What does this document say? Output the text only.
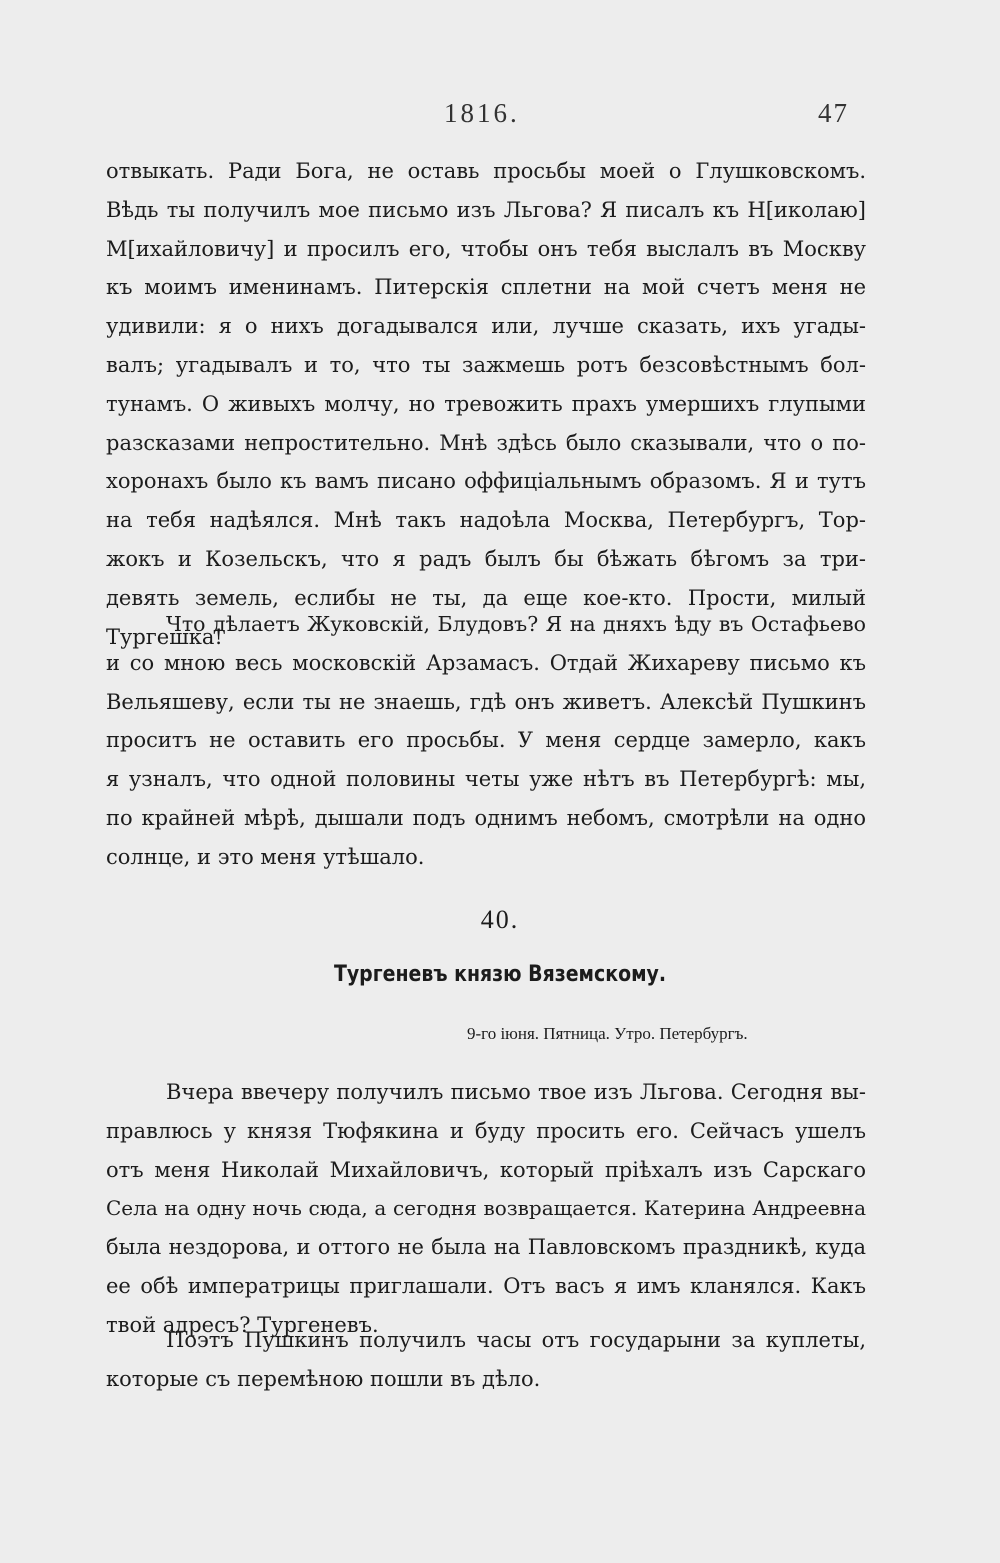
1816.	47
отвыкать. Ради Бога, не оставь просьбы моей о Глушковскомъ.
Вѣдь ты получилъ мое письмо изъ Льгова? Я писалъ къ Н[иколаю]
М[ихайловичу] и просилъ его, чтобы онъ тебя выслалъ въ Москву
къ моимъ именинамъ. Питерскія сплетни на мой счетъ меня не
удивили: я о нихъ догадывался или, лучше сказать, ихъ угады-
валъ; угадывалъ и то, что ты зажмешь ротъ безсовѣстнымъ бол-
тунамъ. О живыхъ молчу, но тревожить прахъ умершихъ глупыми
разсказами непростительно. Мнѣ здѣсь было сказывали, что о по-
хоронахъ было къ вамъ писано оффиціальнымъ образомъ. Я и тутъ
на тебя надѣялся. Мнѣ такъ надоѣла Москва, Петербургъ, Тор-
жокъ и Козельскъ, что я радъ былъ бы бѣжать бѣгомъ за три-
девять земель, еслибы не ты, да еще кое-кто. Прости, милый
Тургешка!
Что дѣлаетъ Жуковскій, Блудовъ? Я на дняхъ ѣду въ Остафьево
и со мною весь московскій Арзамасъ. Отдай Жихареву письмо къ
Вельяшеву, если ты не знаешь, гдѣ онъ живетъ. Алексѣй Пушкинъ
проситъ не оставить его просьбы. У меня сердце замерло, какъ
я узналъ, что одной половины четы уже нѣтъ въ Петербургѣ: мы,
по крайней мѣрѣ, дышали подъ однимъ небомъ, смотрѣли на одно
солнце, и это меня утѣшало.
40.
Тургеневъ князю Вяземскому.
9-го іюня. Пятница. Утро. Петербургъ.
Вчера ввечеру получилъ письмо твое изъ Льгова. Сегодня вы-
правлюсь у князя Тюфякина и буду просить его. Сейчасъ ушелъ
отъ меня Николай Михайловичъ, который пріѣхалъ изъ Сарскаго
Села на одну ночь сюда, а сегодня возвращается. Катерина Андреевна
была нездорова, и оттого не была на Павловскомъ праздникѣ, куда
ее обѣ императрицы приглашали. Отъ васъ я имъ кланялся. Какъ
твой адресъ? Тургеневъ.
Поэтъ Пушкинъ получилъ часы отъ государыни за куплеты,
которые съ перемѣною пошли въ дѣло.
